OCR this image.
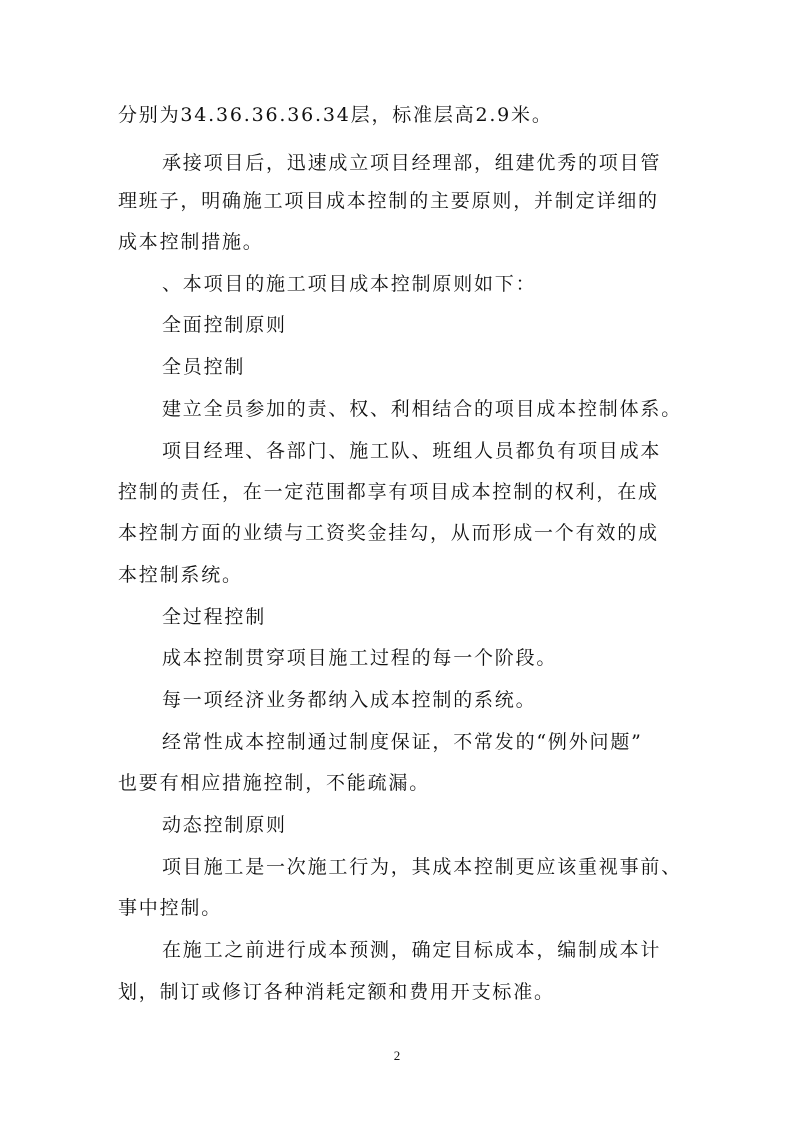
分别为34.36.36.36.34层，标准层高2.9米。
承接项目后，迅速成立项目经理部，组建优秀的项目管
理班子，明确施工项目成本控制的主要原则，并制定详细的
成本控制措施。
、本项目的施工项目成本控制原则如下：
全面控制原则
全员控制
建立全员参加的责、权、利相结合的项目成本控制体系。
项目经理、各部门、施工队、班组人员都负有项目成本
控制的责任，在一定范围都享有项目成本控制的权利，在成
本控制方面的业绩与工资奖金挂勾，从而形成一个有效的成
本控制系统。
全过程控制
成本控制贯穿项目施工过程的每一个阶段。
每一项经济业务都纳入成本控制的系统。
经常性成本控制通过制度保证，不常发的“例外问题”
也要有相应措施控制，不能疏漏。
动态控制原则
项目施工是一次施工行为，其成本控制更应该重视事前、
事中控制。
在施工之前进行成本预测，确定目标成本，编制成本计
划，制订或修订各种消耗定额和费用开支标准。
2
